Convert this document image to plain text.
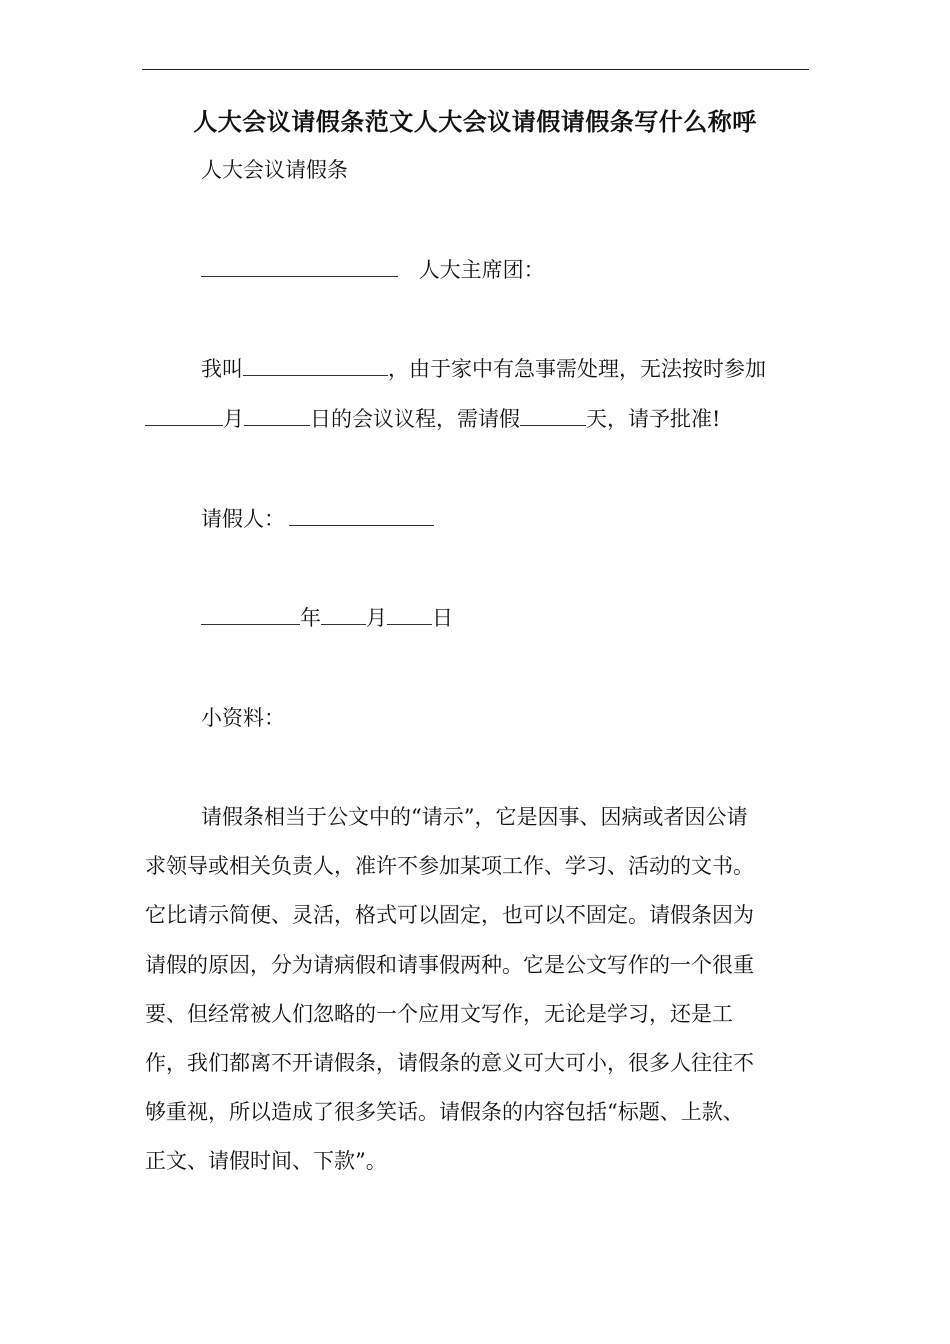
人大会议请假条范文人大会议请假请假条写什么称呼
人大会议请假条
人大主席团：
我叫	，由于家中有急事需处理，无法按时参加
月	日的会议议程，需请假	天，请予批准!
请假人：
年 月 日
小资料：
请假条相当于公文中的“请示”，它是因事、因病或者因公请
求领导或相关负责人，准许不参加某项工作、学习、活动的文书。
它比请示简便、灵活，格式可以固定，也可以不固定。请假条因为
请假的原因，分为请病假和请事假两种。它是公文写作的一个很重
要、但经常被人们忽略的一个应用文写作，无论是学习，还是工
作，我们都离不开请假条，请假条的意义可大可小，很多人往往不
够重视，所以造成了很多笑话。请假条的内容包括“标题、上款、
正文、请假时间、下款”。
